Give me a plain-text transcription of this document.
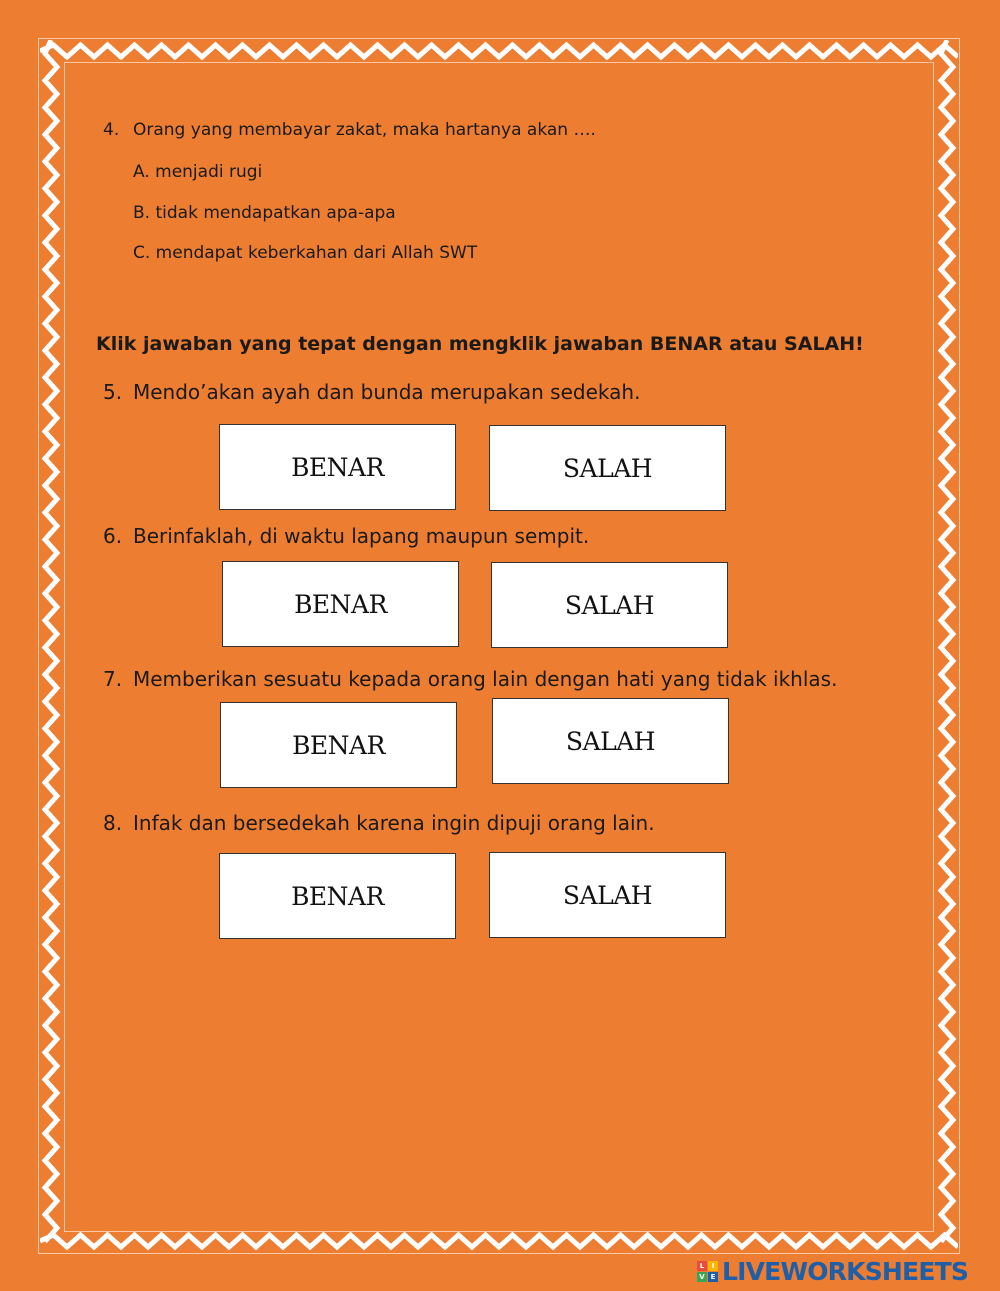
4. Orang yang membayar zakat, maka hartanya akan ….
A. menjadi rugi
B. tidak mendapatkan apa-apa
C. mendapat keberkahan dari Allah SWT
Klik jawaban yang tepat dengan mengklik jawaban BENAR atau SALAH!
5. Mendo’akan ayah dan bunda merupakan sedekah.
BENAR	SALAH
6. Berinfaklah, di waktu lapang maupun sempit.
BENAR	SALAH
7. Memberikan sesuatu kepada orang lain dengan hati yang tidak ikhlas.
BENAR	SALAH
8. Infak dan bersedekah karena ingin dipuji orang lain.
BENAR	SALAH
L	I
V E LIVEWORKSHEETS
